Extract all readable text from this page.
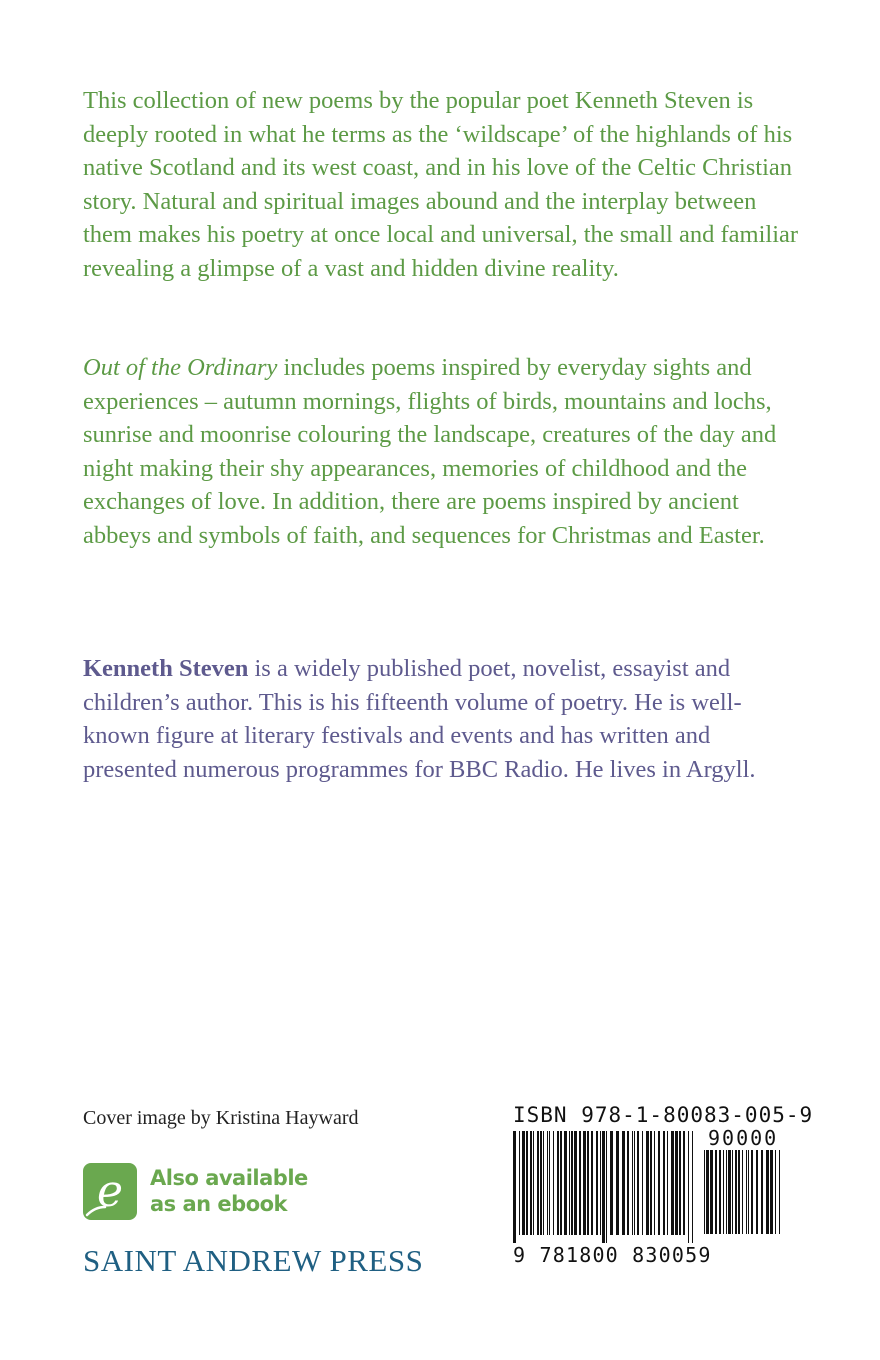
This collection of new poems by the popular poet Kenneth Steven is deeply rooted in what he terms as the ‘wildscape’ of the highlands of his native Scotland and its west coast, and in his love of the Celtic Christian story. Natural and spiritual images abound and the interplay between them makes his poetry at once local and universal, the small and familiar revealing a glimpse of a vast and hidden divine reality.

Out of the Ordinary includes poems inspired by everyday sights and experiences – autumn mornings, flights of birds, mountains and lochs, sunrise and moonrise colouring the landscape, creatures of the day and night making their shy appearances, memories of childhood and the exchanges of love. In addition, there are poems inspired by ancient abbeys and symbols of faith, and sequences for Christmas and Easter.

Kenneth Steven is a widely published poet, novelist, essayist and children’s author. This is his fifteenth volume of poetry. He is well-known figure at literary festivals and events and has written and presented numerous programmes for BBC Radio. He lives in Argyll.

Cover image by Kristina Hayward
e Also available
as an ebook
SAINT ANDREW PRESS
ISBN 978-1-80083-005-9
90000
9 781800 830059
